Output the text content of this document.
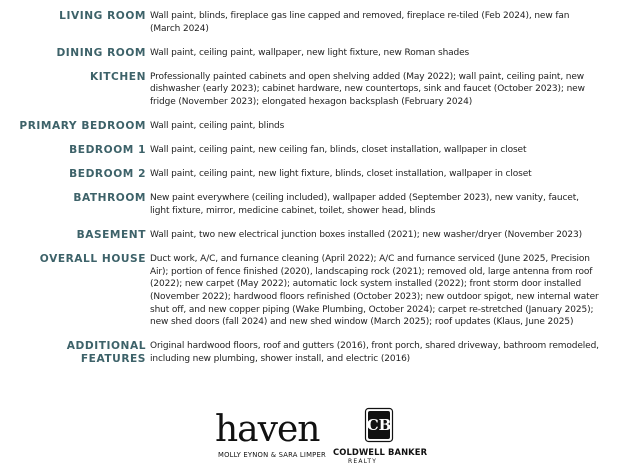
LIVING ROOM Wall paint, blinds, fireplace gas line capped and removed, fireplace re-tiled (Feb 2024), new fan (March 2024)
DINING ROOM Wall paint, ceiling paint, wallpaper, new light fixture, new Roman shades
KITCHEN Professionally painted cabinets and open shelving added (May 2022); wall paint, ceiling paint, new dishwasher (early 2023); cabinet hardware, new countertops, sink and faucet (October 2023); new fridge (November 2023); elongated hexagon backsplash (February 2024)
PRIMARY BEDROOM Wall paint, ceiling paint, blinds
BEDROOM 1 Wall paint, ceiling paint, new ceiling fan, blinds, closet installation, wallpaper in closet
BEDROOM 2 Wall paint, ceiling paint, new light fixture, blinds, closet installation, wallpaper in closet
BATHROOM New paint everywhere (ceiling included), wallpaper added (September 2023), new vanity, faucet, light fixture, mirror, medicine cabinet, toilet, shower head, blinds
BASEMENT Wall paint, two new electrical junction boxes installed (2021); new washer/dryer (November 2023)
OVERALL HOUSE Duct work, A/C, and furnance cleaning (April 2022); A/C and furnance serviced (June 2025, Precision Air); portion of fence finished (2020), landscaping rock (2021); removed old, large antenna from roof (2022); new carpet (May 2022); automatic lock system installed (2022); front storm door installed (November 2022); hardwood floors refinished (October 2023); new outdoor spigot, new internal water shut off, and new copper piping (Wake Plumbing, October 2024); carpet re-stretched (January 2025); new shed doors (fall 2024) and new shed window (March 2025); roof updates (Klaus, June 2025)
ADDITIONAL FEATURES
Original hardwood floors, roof and gutters (2016), front porch, shared driveway, bathroom remodeled, including new plumbing, shower install, and electric (2016)
haven
MOLLY EYNON & SARA LIMPER
CB
COLDWELL BANKER
REALTY
